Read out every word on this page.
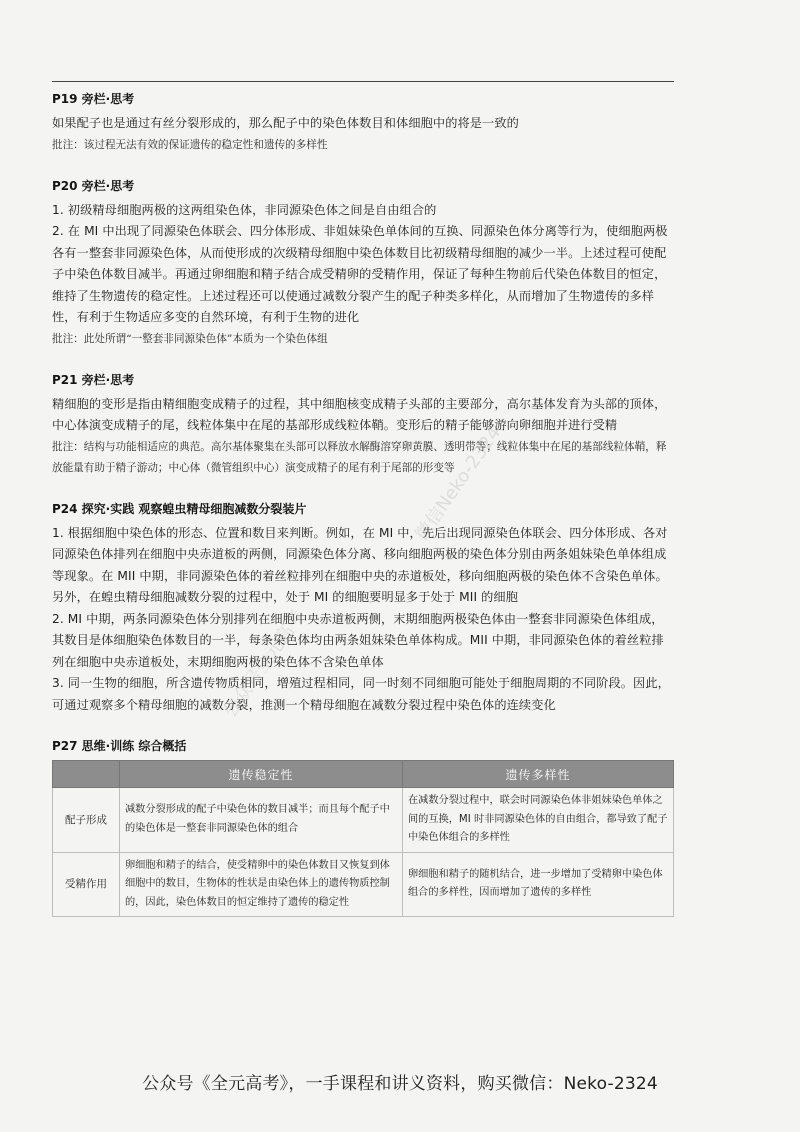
P19 旁栏·思考

如果配子也是通过有丝分裂形成的，那么配子中的染色体数目和体细胞中的将是一致的

批注：该过程无法有效的保证遗传的稳定性和遗传的多样性

P20 旁栏·思考

1. 初级精母细胞两极的这两组染色体，非同源染色体之间是自由组合的

2. 在 MI 中出现了同源染色体联会、四分体形成、非姐妹染色单体间的互换、同源染色体分离等行为，使细胞两极各有一整套非同源染色体，从而使形成的次级精母细胞中染色体数目比初级精母细胞的减少一半。上述过程可使配子中染色体数目减半。再通过卵细胞和精子结合成受精卵的受精作用，保证了每种生物前后代染色体数目的恒定，维持了生物遗传的稳定性。上述过程还可以使通过减数分裂产生的配子种类多样化，从而增加了生物遗传的多样性，有利于生物适应多变的自然环境，有利于生物的进化

批注：此处所谓“一整套非同源染色体”本质为一个染色体组

P21 旁栏·思考

精细胞的变形是指由精细胞变成精子的过程，其中细胞核变成精子头部的主要部分，高尔基体发育为头部的顶体，中心体演变成精子的尾，线粒体集中在尾的基部形成线粒体鞘。变形后的精子能够游向卵细胞并进行受精

批注：结构与功能相适应的典范。高尔基体聚集在头部可以释放水解酶溶穿卵黄膜、透明带等；线粒体集中在尾的基部线粒体鞘，释放能量有助于精子游动；中心体（微管组织中心）演变成精子的尾有利于尾部的形变等

P24 探究·实践 观察蝗虫精母细胞减数分裂装片

1. 根据细胞中染色体的形态、位置和数目来判断。例如，在 MI 中，先后出现同源染色体联会、四分体形成、各对同源染色体排列在细胞中央赤道板的两侧，同源染色体分离、移向细胞两极的染色体分别由两条姐妹染色单体组成等现象。在 MII 中期，非同源染色体的着丝粒排列在细胞中央的赤道板处，移向细胞两极的染色体不含染色单体。另外，在蝗虫精母细胞减数分裂的过程中，处于 MI 的细胞要明显多于处于 MII 的细胞

2. MI 中期，两条同源染色体分别排列在细胞中央赤道板两侧，末期细胞两极染色体由一整套非同源染色体组成，其数目是体细胞染色体数目的一半，每条染色体均由两条姐妹染色单体构成。MII 中期，非同源染色体的着丝粒排列在细胞中央赤道板处，末期细胞两极的染色体不含染色单体

3. 同一生物的细胞，所含遗传物质相同，增殖过程相同，同一时刻不同细胞可能处于细胞周期的不同阶段。因此，可通过观察多个精母细胞的减数分裂，推测一个精母细胞在减数分裂过程中染色体的连续变化

P27 思维·训练 综合概括

	遗传稳定性	遗传多样性
配子形成	减数分裂形成的配子中染色体的数目减半；而且每个配子中的染色体是一整套非同源染色体的组合	在减数分裂过程中，联会时同源染色体非姐妹染色单体之间的互换，MI 时非同源染色体的自由组合，都导致了配子中染色体组合的多样性
受精作用	卵细胞和精子的结合，使受精卵中的染色体数目又恢复到体细胞中的数目，生物体的性状是由染色体上的遗传物质控制的，因此，染色体数目的恒定维持了遗传的稳定性	卵细胞和精子的随机结合，进一步增加了受精卵中染色体组合的多样性，因而增加了遗传的多样性
公众号全元高考
微信Neko-2324
公众号《全元高考》，一手课程和讲义资料，购买微信：Neko-2324
